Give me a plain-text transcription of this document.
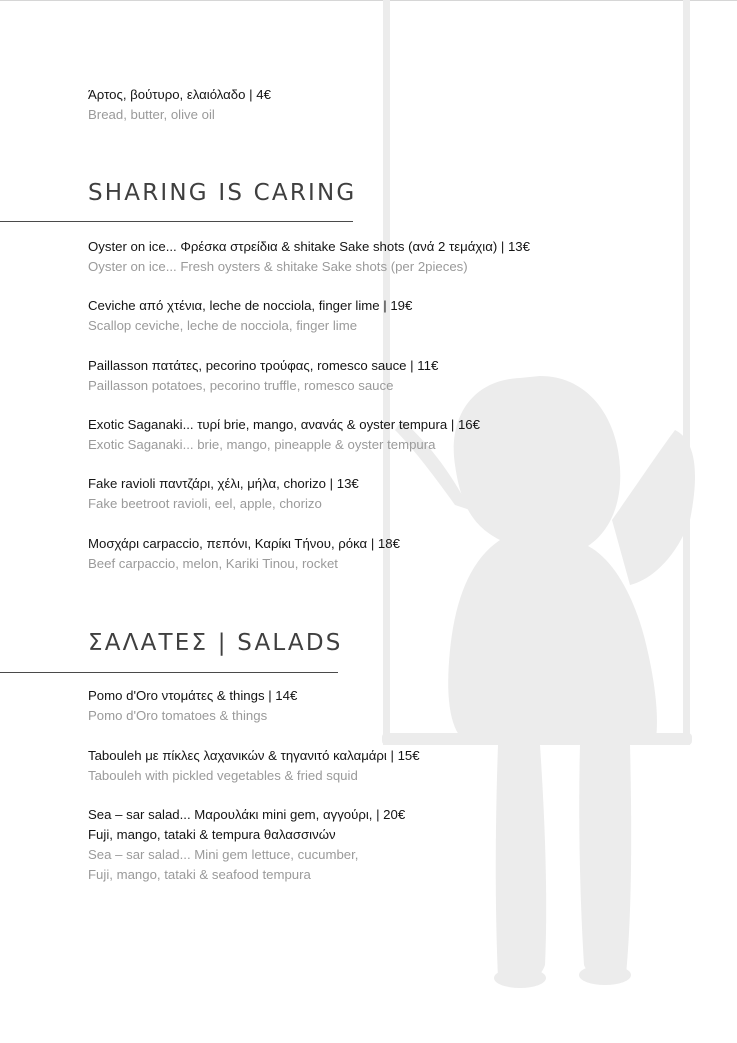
Άρτος, βούτυρο, ελαιόλαδο | 4€

Bread, butter, olive oil

SHARING IS CARING

Oyster on ice... Φρέσκα στρείδια & shitake Sake shots (ανά 2 τεμάχια) | 13€

Oyster on ice... Fresh oysters & shitake Sake shots (per 2pieces)

Ceviche από χτένια, leche de nocciola, finger lime | 19€

Scallop ceviche, leche de nocciola, finger lime

Paillasson πατάτες, pecorino τρούφας, romesco sauce | 11€

Paillasson potatoes, pecorino truffle, romesco sauce

Exotic Saganaki... τυρί brie, mango, ανανάς & oyster tempura | 16€

Exotic Saganaki... brie, mango, pineapple & oyster tempura

Fake ravioli παντζάρι, χέλι, μήλα, chorizo | 13€

Fake beetroot ravioli, eel, apple, chorizo

Μοσχάρι carpaccio, πεπόνι, Καρίκι Τήνου, ρόκα | 18€

Beef carpaccio, melon, Kariki Tinou, rocket

ΣΑΛΑΤΕΣ | SALADS

Pomo d'Oro ντομάτες & things | 14€

Pomo d'Oro tomatoes & things

Tabouleh με πίκλες λαχανικών & τηγανιτό καλαμάρι | 15€

Tabouleh with pickled vegetables & fried squid

Sea – sar salad... Μαρουλάκι mini gem, αγγούρι, | 20€

Fuji, mango, tataki & tempura θαλασσινών

Sea – sar salad... Mini gem lettuce, cucumber,

Fuji, mango, tataki & seafood tempura
